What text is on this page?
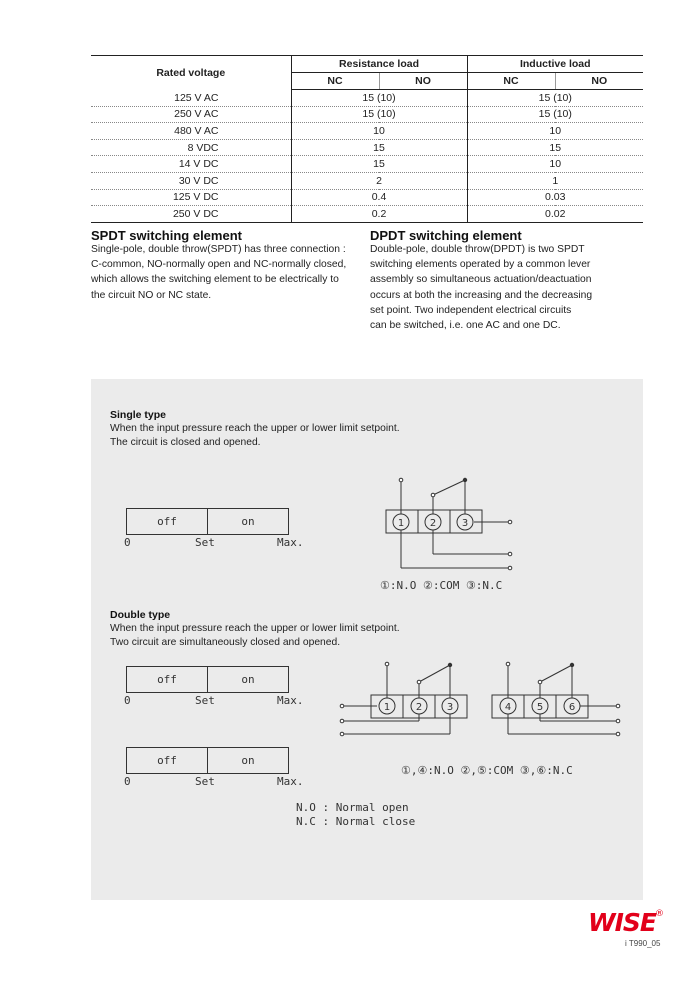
Rated voltage	Resistance load		Inductive load	
	NC	NO	NC	NO
125 V AC	15 (10)		15 (10)	
250 V AC	15 (10)		15 (10)	
480 V AC	10		10	
8 VDC	15		15	
14 V DC	15		10	
30 V DC	2		1	
125 V DC	0.4		0.03	
250 V DC	0.2		0.02	
SPDT switching element
Single-pole, double throw(SPDT) has three connection :
C-common, NO-normally open and NC-normally closed,
which allows the switching element to be electrically to
the circuit NO or NC state.
DPDT switching element
Double-pole, double throw(DPDT) is two SPDT
switching elements operated by a common lever
assembly so simultaneous actuation/deactuation
occurs at both the increasing and the decreasing
set point. Two independent electrical circuits
can be switched, i.e. one AC and one DC.
Single type
When the input pressure reach the upper or lower limit setpoint.
The circuit is closed and opened.
off	on
0	Set	Max.
1	2	3
①:N.O ②:COM ③:N.C
Double type
When the input pressure reach the upper or lower limit setpoint.
Two circuit are simultaneously closed and opened.
off	on
0	Set	Max.
off	on
0	Set	Max.
1	2 3	4	5	6
①,④:N.O ②,⑤:COM ③,⑥:N.C
N.O : Normal open
N.C : Normal close
WISE ®
i T990_05
